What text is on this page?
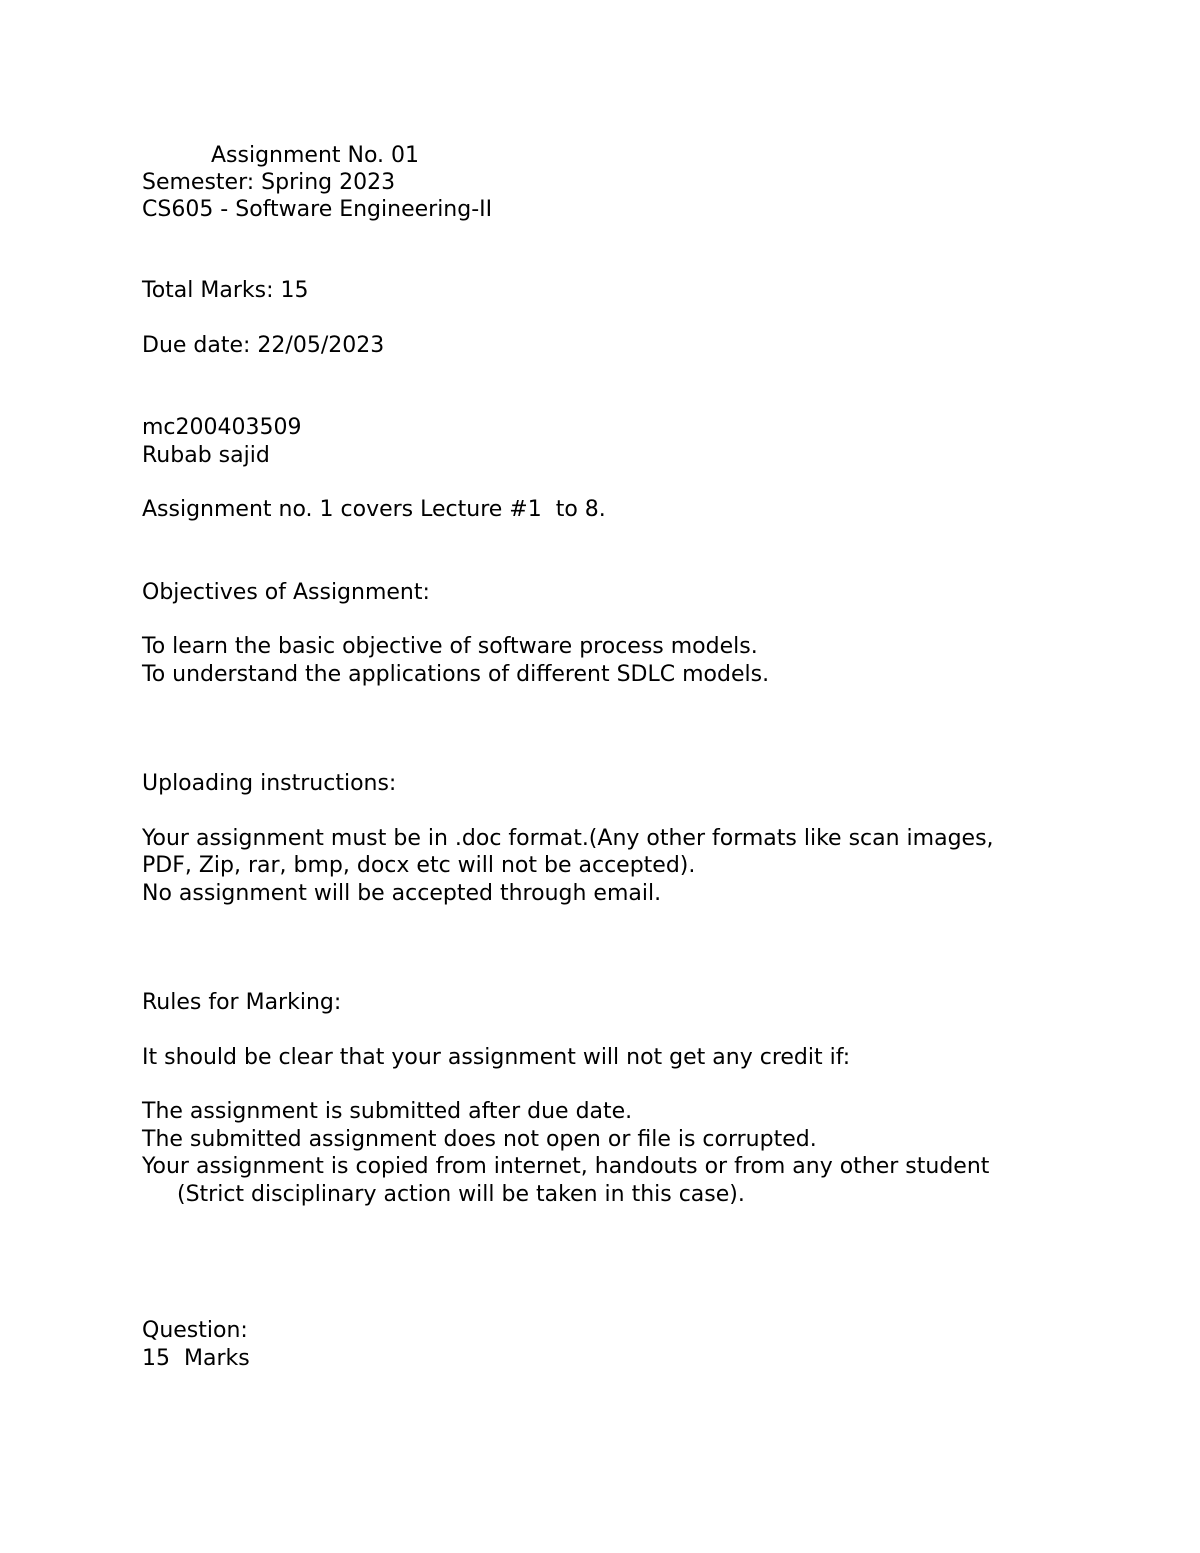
Assignment No. 01

Semester: Spring 2023

CS605 - Software Engineering-II

Total Marks: 15

Due date: 22/05/2023

mc200403509

Rubab sajid

Assignment no. 1 covers Lecture #1  to 8.

Objectives of Assignment:

To learn the basic objective of software process models.

To understand the applications of different SDLC models.

Uploading instructions:

Your assignment must be in .doc format.(Any other formats like scan images,

PDF, Zip, rar, bmp, docx etc will not be accepted).

No assignment will be accepted through email.

Rules for Marking:

It should be clear that your assignment will not get any credit if:

The assignment is submitted after due date.

The submitted assignment does not open or file is corrupted.

Your assignment is copied from internet, handouts or from any other student

(Strict disciplinary action will be taken in this case).

Question:

15  Marks
